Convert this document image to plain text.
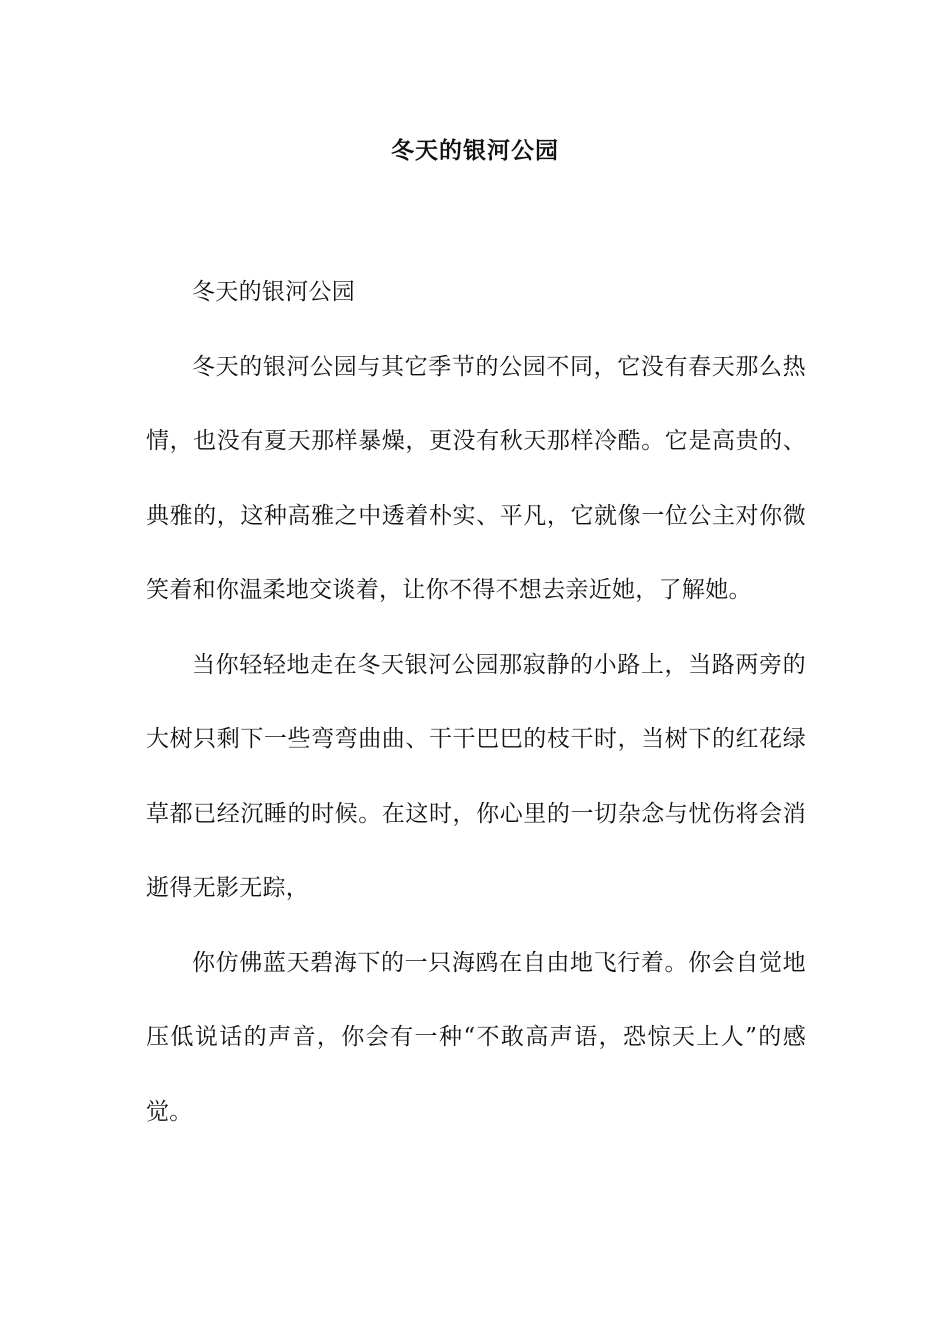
冬天的银河公园

冬天的银河公园

冬天的银河公园与其它季节的公园不同，它没有春天那么热情，也没有夏天那样暴燥，更没有秋天那样冷酷。它是高贵的、典雅的，这种高雅之中透着朴实、平凡，它就像一位公主对你微笑着和你温柔地交谈着，让你不得不想去亲近她，了解她。

当你轻轻地走在冬天银河公园那寂静的小路上，当路两旁的大树只剩下一些弯弯曲曲、干干巴巴的枝干时，当树下的红花绿草都已经沉睡的时候。在这时，你心里的一切杂念与忧伤将会消逝得无影无踪，

你仿佛蓝天碧海下的一只海鸥在自由地飞行着。你会自觉地压低说话的声音，你会有一种“不敢高声语，恐惊天上人”的感觉。
